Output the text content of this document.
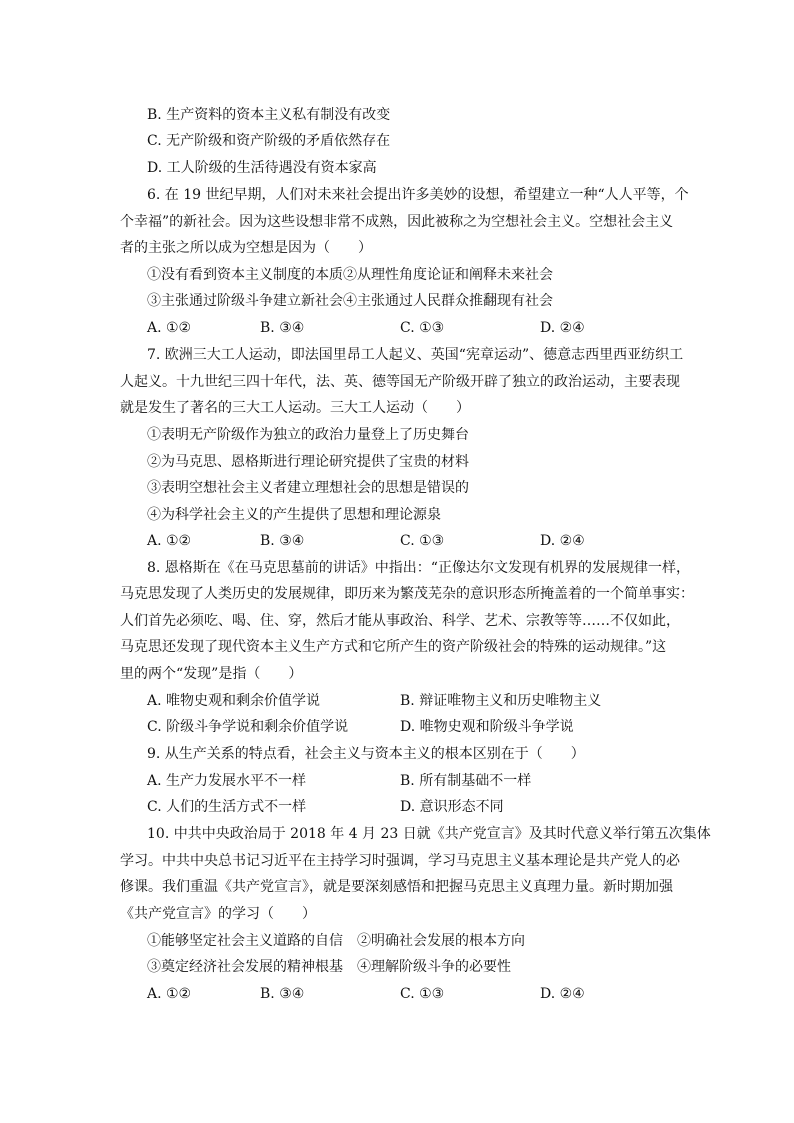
B. 生产资料的资本主义私有制没有改变
C. 无产阶级和资产阶级的矛盾依然存在
D. 工人阶级的生活待遇没有资本家高
6. 在 19 世纪早期，人们对未来社会提出许多美妙的设想，希望建立一种“人人平等，个
个幸福”的新社会。因为这些设想非常不成熟，因此被称之为空想社会主义。空想社会主义
者的主张之所以成为空想是因为（　　）
①没有看到资本主义制度的本质②从理性角度论证和阐释未来社会
③主张通过阶级斗争建立新社会④主张通过人民群众推翻现有社会
A. ①②	B. ③④	C. ①③	D. ②④
7. 欧洲三大工人运动，即法国里昂工人起义、英国“宪章运动”、德意志西里西亚纺织工
人起义。十九世纪三四十年代，法、英、德等国无产阶级开辟了独立的政治运动，主要表现
就是发生了著名的三大工人运动。三大工人运动（　　）
①表明无产阶级作为独立的政治力量登上了历史舞台
②为马克思、恩格斯进行理论研究提供了宝贵的材料
③表明空想社会主义者建立理想社会的思想是错误的
④为科学社会主义的产生提供了思想和理论源泉
A. ①②	B. ③④	C. ①③	D. ②④
8. 恩格斯在《在马克思墓前的讲话》中指出：“正像达尔文发现有机界的发展规律一样，
马克思发现了人类历史的发展规律，即历来为繁茂芜杂的意识形态所掩盖着的一个简单事实：
人们首先必须吃、喝、住、穿，然后才能从事政治、科学、艺术、宗教等等……不仅如此，
马克思还发现了现代资本主义生产方式和它所产生的资产阶级社会的特殊的运动规律。”这
里的两个“发现”是指（　　）
A. 唯物史观和剩余价值学说	B. 辩证唯物主义和历史唯物主义
C. 阶级斗争学说和剩余价值学说	D. 唯物史观和阶级斗争学说
9. 从生产关系的特点看，社会主义与资本主义的根本区别在于（　　）
A. 生产力发展水平不一样	B. 所有制基础不一样
C. 人们的生活方式不一样	D. 意识形态不同
10. 中共中央政治局于 2018 年 4 月 23 日就《共产党宣言》及其时代意义举行第五次集体
学习。中共中央总书记习近平在主持学习时强调，学习马克思主义基本理论是共产党人的必
修课。我们重温《共产党宣言》，就是要深刻感悟和把握马克思主义真理力量。新时期加强
《共产党宣言》的学习（　　）
①能够坚定社会主义道路的自信　②明确社会发展的根本方向
③奠定经济社会发展的精神根基　④理解阶级斗争的必要性
A. ①②	B. ③④	C. ①③	D. ②④
